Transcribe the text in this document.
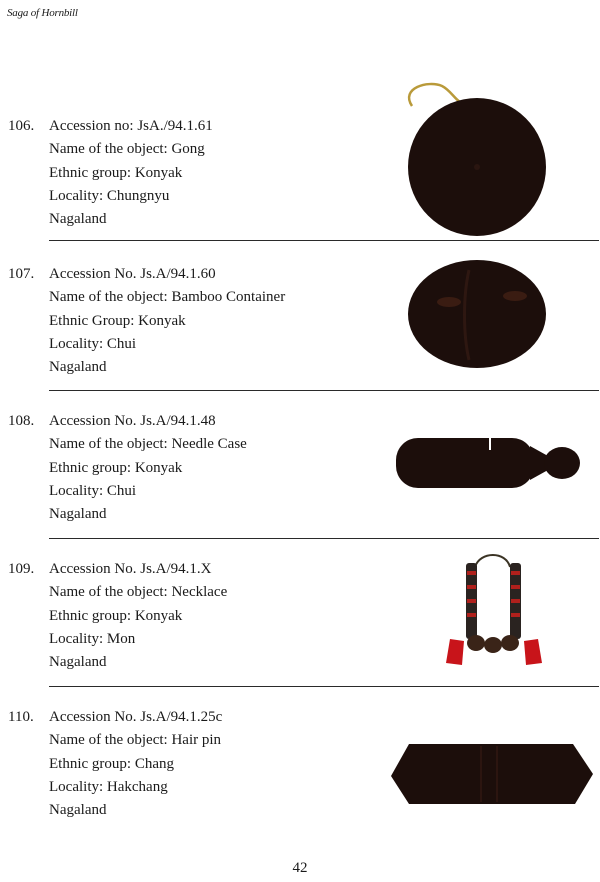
Saga of Hornbill
106. Accession no: JsA./94.1.61
Name of the object: Gong
Ethnic group: Konyak
Locality: Chungnyu
Nagaland
107. Accession No. Js.A/94.1.60
Name of the object: Bamboo Container
Ethnic Group: Konyak
Locality: Chui
Nagaland
108. Accession No. Js.A/94.1.48
Name of the object: Needle Case
Ethnic group: Konyak
Locality: Chui
Nagaland
109. Accession No. Js.A/94.1.X
Name of the object: Necklace
Ethnic group: Konyak
Locality: Mon
Nagaland
110. Accession No. Js.A/94.1.25c
Name of the object: Hair pin
Ethnic group: Chang
Locality: Hakchang
Nagaland
42
